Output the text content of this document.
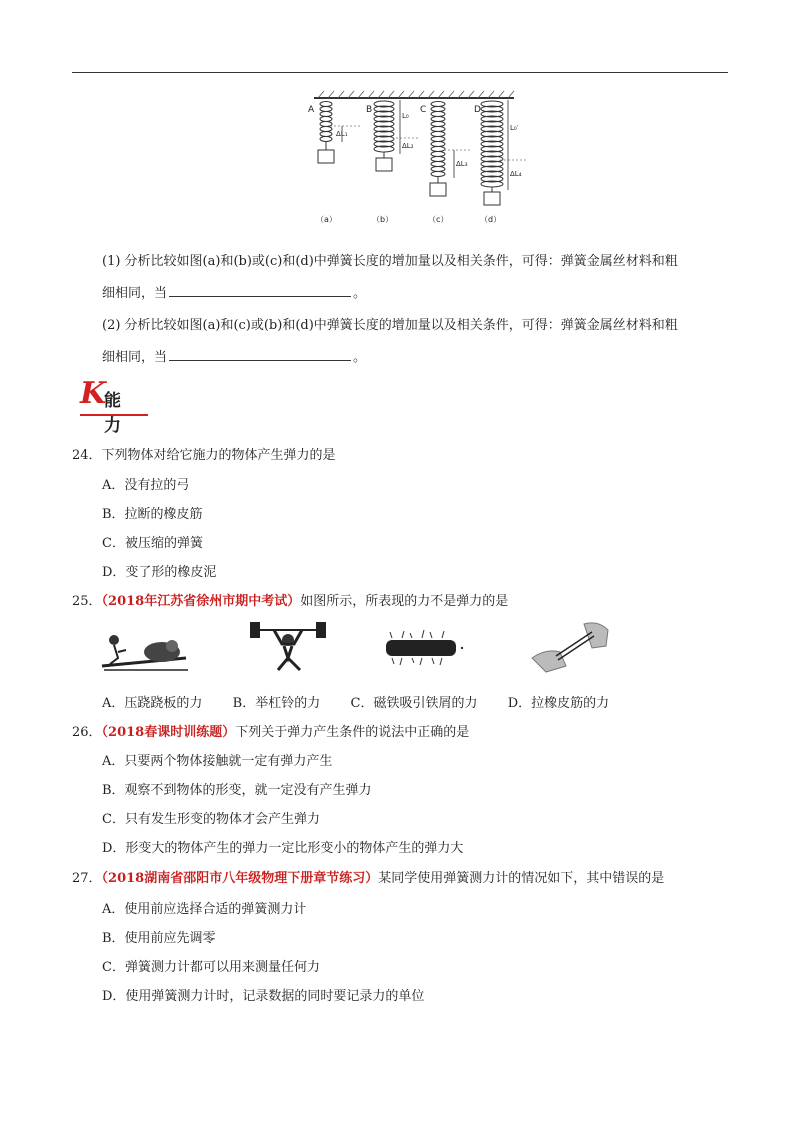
A	B	C	D
ΔL₁
L₀
ΔL₂
ΔL₃
L₀′
ΔL₄
（a）	（b）	（c）	（d）
(1) 分析比较如图(a)和(b)或(c)和(d)中弹簧长度的增加量以及相关条件，可得：弹簧金属丝材料和粗
细相同，当	。
(2) 分析比较如图(a)和(c)或(b)和(d)中弹簧长度的增加量以及相关条件，可得：弹簧金属丝材料和粗
细相同，当	。
K
能力
24．下列物体对给它施力的物体产生弹力的是
A．没有拉的弓
B．拉断的橡皮筋
C．被压缩的弹簧
D．变了形的橡皮泥
25．（2018年江苏省徐州市期中考试）如图所示，所表现的力不是弹力的是
A．压跷跷板的力 B．举杠铃的力 C．磁铁吸引铁屑的力 D．拉橡皮筋的力
26．（2018春课时训练题）下列关于弹力产生条件的说法中正确的是
A．只要两个物体接触就一定有弹力产生
B．观察不到物体的形变，就一定没有产生弹力
C．只有发生形变的物体才会产生弹力
D．形变大的物体产生的弹力一定比形变小的物体产生的弹力大
27．（2018湖南省邵阳市八年级物理下册章节练习）某同学使用弹簧测力计的情况如下，其中错误的是
A．使用前应选择合适的弹簧测力计
B．使用前应先调零
C．弹簧测力计都可以用来测量任何力
D．使用弹簧测力计时，记录数据的同时要记录力的单位
